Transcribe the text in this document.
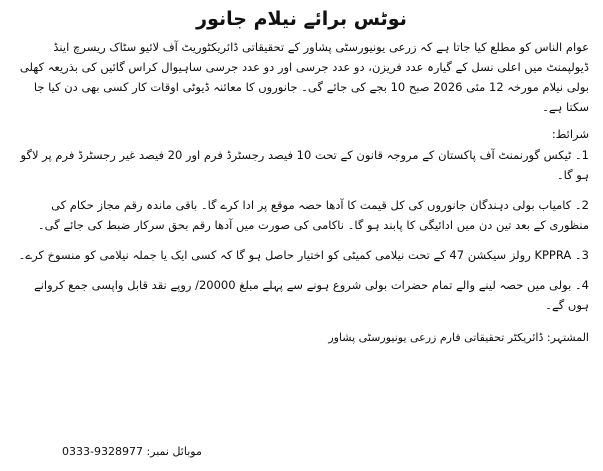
نوٹس برائے نیلام جانور

عوام الناس کو مطلع کیا جاتا ہے کہ زرعی یونیورسٹی پشاور کے تحقیقاتی ڈائریکٹوریٹ آف لائیو سٹاک ریسرچ اینڈ ڈیولپمنٹ میں اعلی نسل کے گیارہ عدد فریزن، دو عدد جرسی اور دو عدد جرسی ساہیوال کراس گائیں کی بذریعہ کھلی بولی نیلام مورخہ 12 مئی 2026 صبح 10 بجے کی جائے گی۔ جانوروں کا معائنہ ڈیوٹی اوقات کار کسی بھی دن کیا جا سکتا ہے۔

شرائط:

1۔ ٹیکس گورنمنٹ آف پاکستان کے مروجہ قانون کے تحت 10 فیصد رجسٹرڈ فرم اور 20 فیصد غیر رجسٹرڈ فرم پر لاگو ہو گا۔

2۔ کامیاب بولی دہندگان جانوروں کی کل قیمت کا آدھا حصہ موقع پر ادا کرے گا۔ باقی ماندہ رقم مجاز حکام کی منظوری کے بعد تین دن میں ادائیگی کا پابند ہو گا۔ ناکامی کی صورت میں آدھا رقم بحق سرکار ضبط کی جائے گی۔

3۔ KPPRA رولز سیکشن 47 کے تحت نیلامی کمیٹی کو اختیار حاصل ہو گا کہ کسی ایک یا جملہ نیلامی کو منسوخ کرے۔

4۔ بولی میں حصہ لینے والے تمام حضرات بولی شروع ہونے سے پہلے مبلغ 20000/ روپے نقد قابل واپسی جمع کروانے ہوں گے۔

المشتہر: ڈائریکٹر تحقیقاتی فارم زرعی یونیورسٹی پشاور
موبائل نمبر: 0333-9328977
